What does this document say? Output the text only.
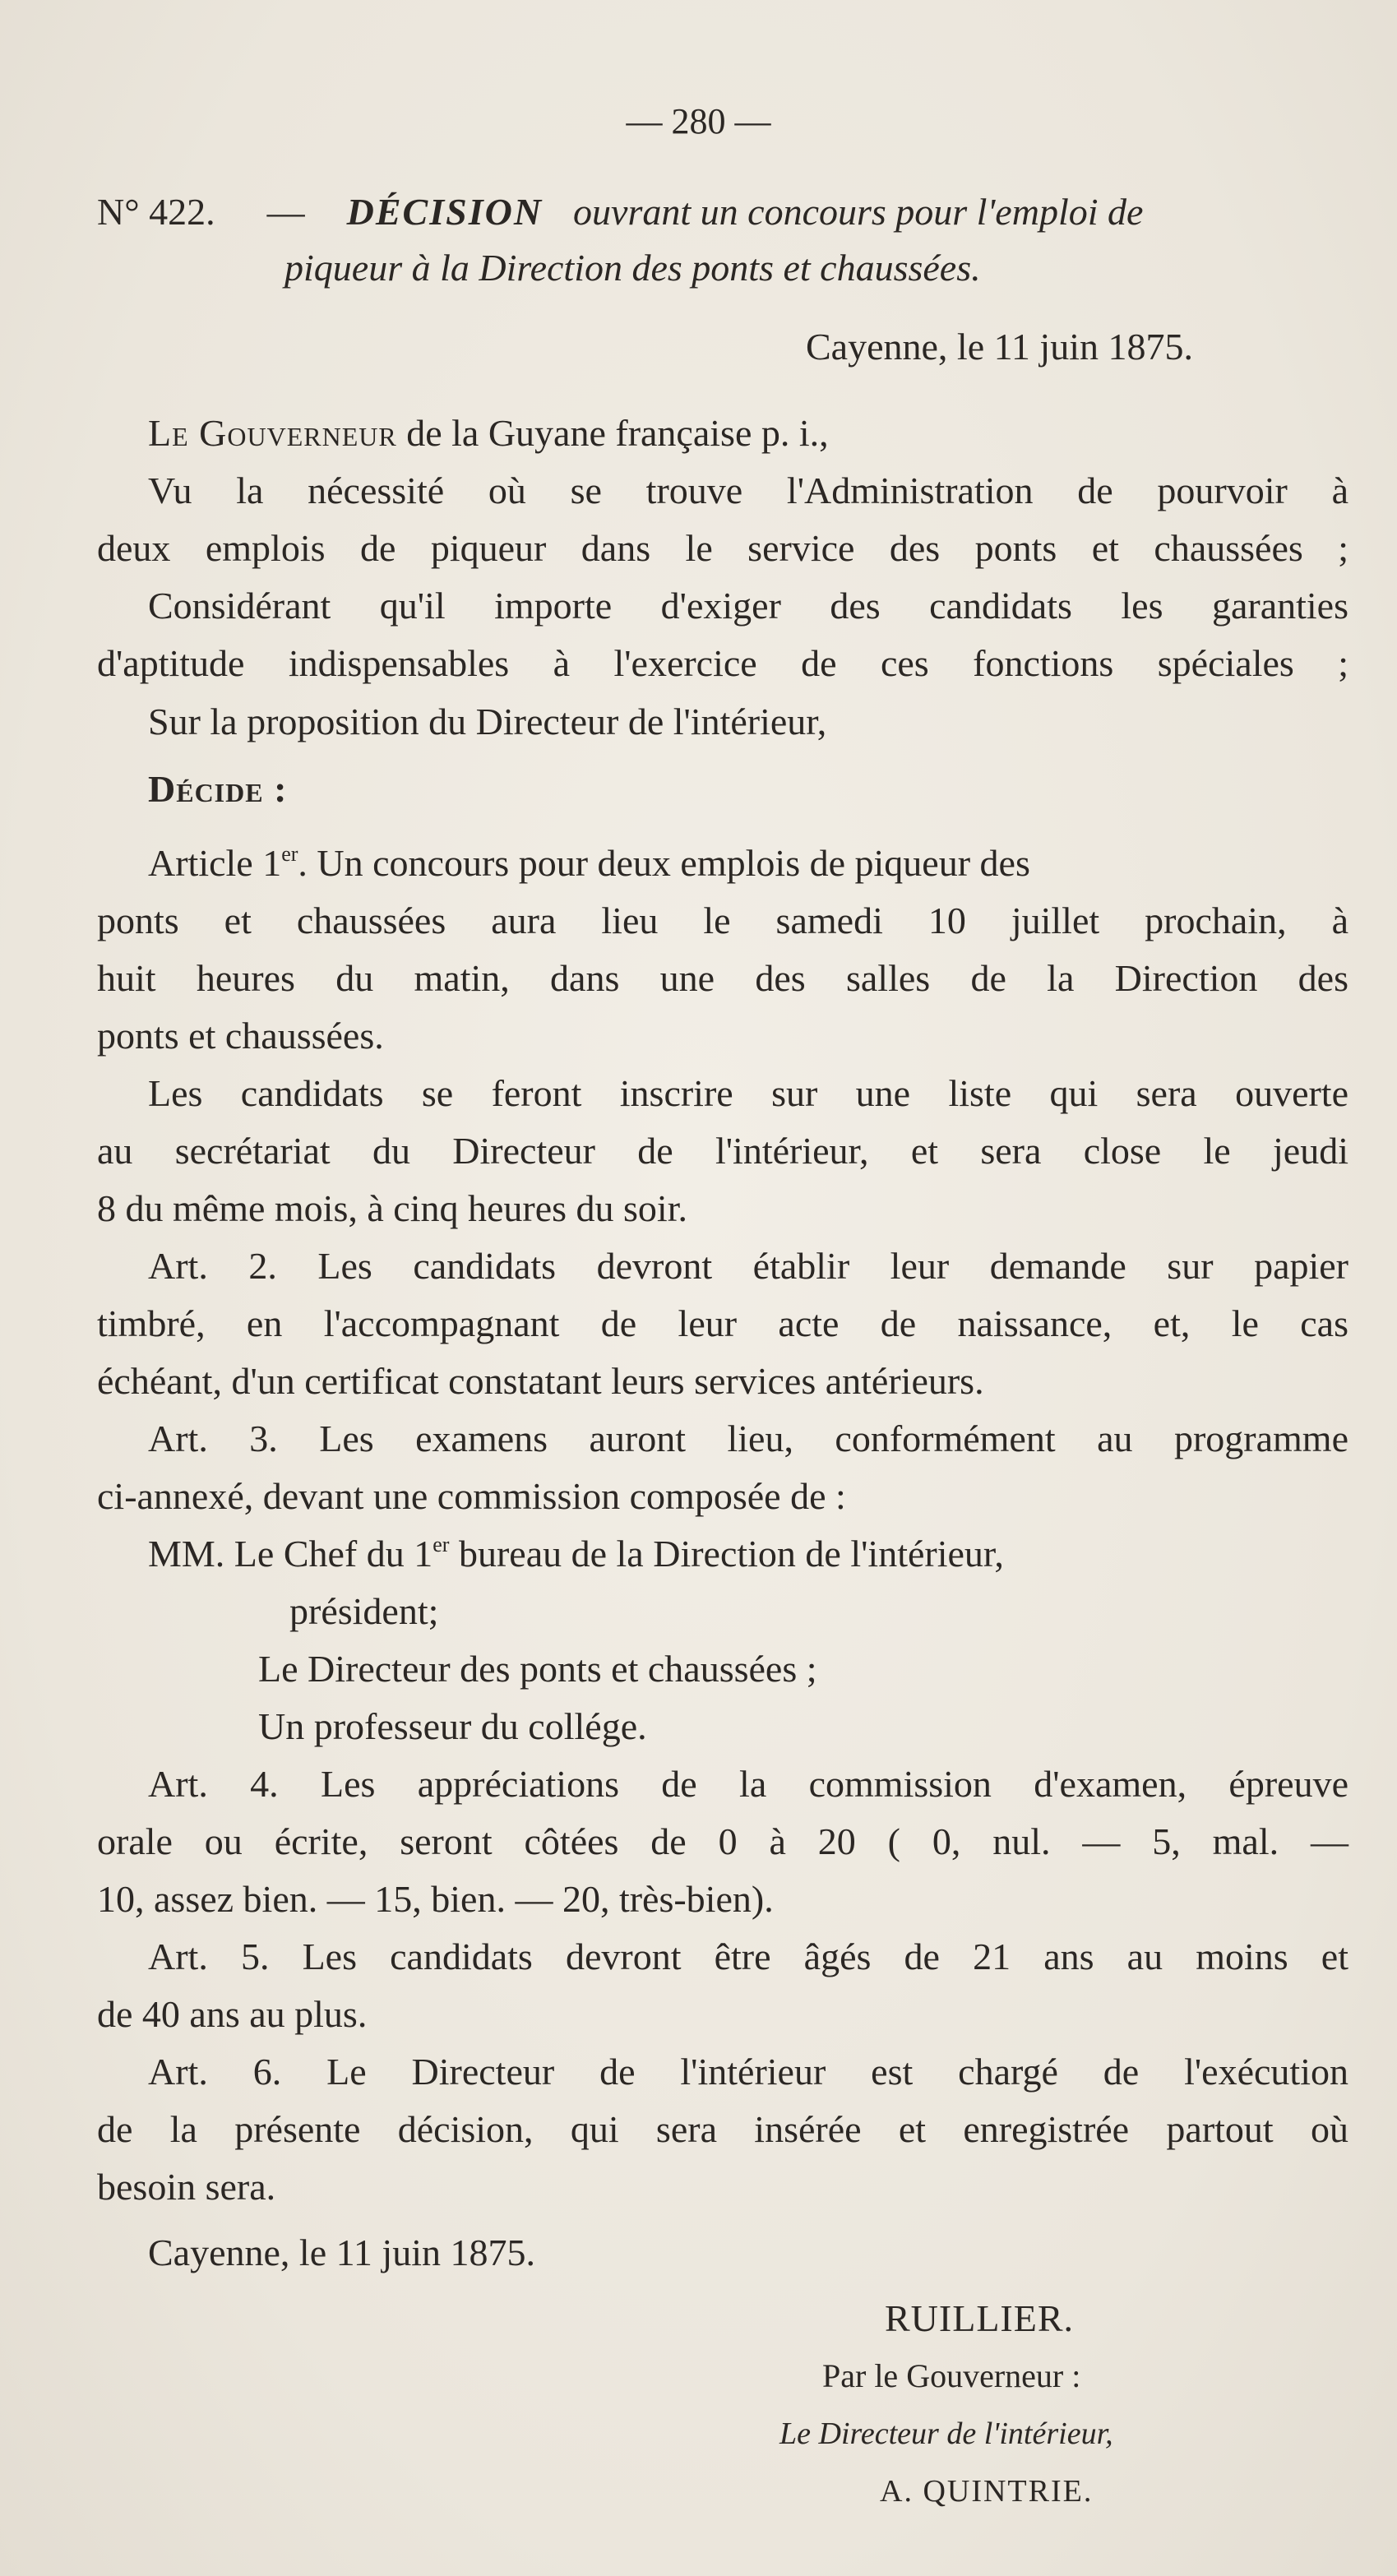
— 280 —
N° 422. — DÉCISION ouvrant un concours pour l'emploi de
piqueur à la Direction des ponts et chaussées.
Cayenne, le 11 juin 1875.
Le Gouverneur de la Guyane française p. i.,
Vu la nécessité où se trouve l'Administration de pourvoir à
deux emplois de piqueur dans le service des ponts et chaussées ;
Considérant qu'il importe d'exiger des candidats les garanties
d'aptitude indispensables à l'exercice de ces fonctions spéciales ;
Sur la proposition du Directeur de l'intérieur,
Décide :
Article 1er. Un concours pour deux emplois de piqueur des
ponts et chaussées aura lieu le samedi 10 juillet prochain, à
huit heures du matin, dans une des salles de la Direction des
ponts et chaussées.
Les candidats se feront inscrire sur une liste qui sera ouverte
au secrétariat du Directeur de l'intérieur, et sera close le jeudi
8 du même mois, à cinq heures du soir.
Art. 2. Les candidats devront établir leur demande sur papier
timbré, en l'accompagnant de leur acte de naissance, et, le cas
échéant, d'un certificat constatant leurs services antérieurs.
Art. 3. Les examens auront lieu, conformément au programme
ci-annexé, devant une commission composée de :
MM. Le Chef du 1er bureau de la Direction de l'intérieur,
président;
Le Directeur des ponts et chaussées ;
Un professeur du collége.
Art. 4. Les appréciations de la commission d'examen, épreuve
orale ou écrite, seront côtées de 0 à 20 ( 0, nul. — 5, mal. —
10, assez bien. — 15, bien. — 20, très-bien).
Art. 5. Les candidats devront être âgés de 21 ans au moins et
de 40 ans au plus.
Art. 6. Le Directeur de l'intérieur est chargé de l'exécution
de la présente décision, qui sera insérée et enregistrée partout où
besoin sera.
Cayenne, le 11 juin 1875.
RUILLIER.
Par le Gouverneur :
Le Directeur de l'intérieur,
A. QUINTRIE.
